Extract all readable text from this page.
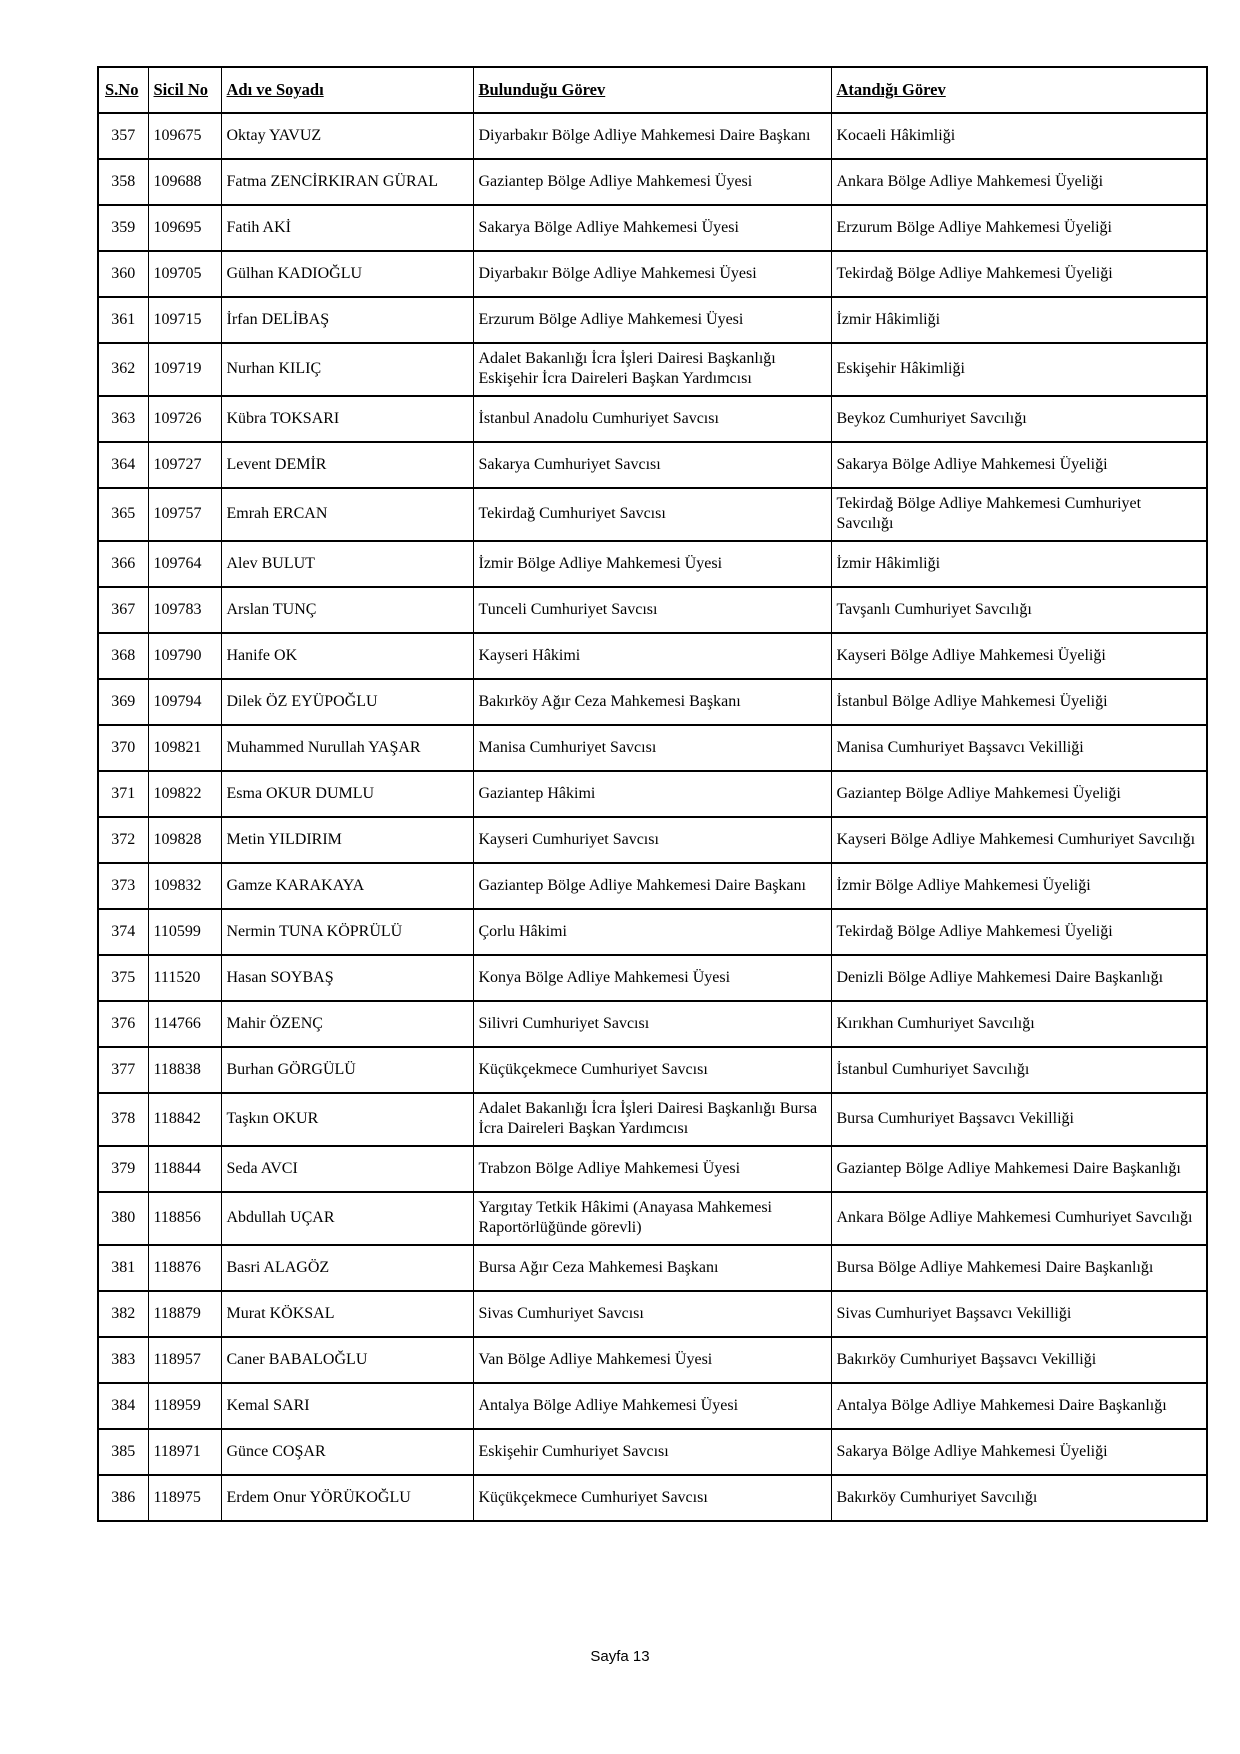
S.No	Sicil No	Adı ve Soyadı	Bulunduğu Görev	Atandığı Görev
357	109675	Oktay YAVUZ	Diyarbakır Bölge Adliye Mahkemesi Daire Başkanı	Kocaeli Hâkimliği
358	109688	Fatma ZENCİRKIRAN GÜRAL	Gaziantep Bölge Adliye Mahkemesi Üyesi	Ankara Bölge Adliye Mahkemesi Üyeliği
359	109695	Fatih AKİ	Sakarya Bölge Adliye Mahkemesi Üyesi	Erzurum Bölge Adliye Mahkemesi Üyeliği
360	109705	Gülhan KADIOĞLU	Diyarbakır Bölge Adliye Mahkemesi Üyesi	Tekirdağ Bölge Adliye Mahkemesi Üyeliği
361	109715	İrfan DELİBAŞ	Erzurum Bölge Adliye Mahkemesi Üyesi	İzmir Hâkimliği
362	109719	Nurhan KILIÇ	Adalet Bakanlığı İcra İşleri Dairesi Başkanlığı Eskişehir İcra Daireleri Başkan Yardımcısı	Eskişehir Hâkimliği
363	109726	Kübra TOKSARI	İstanbul Anadolu Cumhuriyet Savcısı	Beykoz Cumhuriyet Savcılığı
364	109727	Levent DEMİR	Sakarya Cumhuriyet Savcısı	Sakarya Bölge Adliye Mahkemesi Üyeliği
365	109757	Emrah ERCAN	Tekirdağ Cumhuriyet Savcısı	Tekirdağ Bölge Adliye Mahkemesi Cumhuriyet Savcılığı
366	109764	Alev BULUT	İzmir Bölge Adliye Mahkemesi Üyesi	İzmir Hâkimliği
367	109783	Arslan TUNÇ	Tunceli Cumhuriyet Savcısı	Tavşanlı Cumhuriyet Savcılığı
368	109790	Hanife OK	Kayseri Hâkimi	Kayseri Bölge Adliye Mahkemesi Üyeliği
369	109794	Dilek ÖZ EYÜPOĞLU	Bakırköy Ağır Ceza Mahkemesi Başkanı	İstanbul Bölge Adliye Mahkemesi Üyeliği
370	109821	Muhammed Nurullah YAŞAR	Manisa Cumhuriyet Savcısı	Manisa Cumhuriyet Başsavcı Vekilliği
371	109822	Esma OKUR DUMLU	Gaziantep Hâkimi	Gaziantep Bölge Adliye Mahkemesi Üyeliği
372	109828	Metin YILDIRIM	Kayseri Cumhuriyet Savcısı	Kayseri Bölge Adliye Mahkemesi Cumhuriyet Savcılığı
373	109832	Gamze KARAKAYA	Gaziantep Bölge Adliye Mahkemesi Daire Başkanı	İzmir Bölge Adliye Mahkemesi Üyeliği
374	110599	Nermin TUNA KÖPRÜLÜ	Çorlu Hâkimi	Tekirdağ Bölge Adliye Mahkemesi Üyeliği
375	111520	Hasan SOYBAŞ	Konya Bölge Adliye Mahkemesi Üyesi	Denizli Bölge Adliye Mahkemesi Daire Başkanlığı
376	114766	Mahir ÖZENÇ	Silivri Cumhuriyet Savcısı	Kırıkhan Cumhuriyet Savcılığı
377	118838	Burhan GÖRGÜLÜ	Küçükçekmece Cumhuriyet Savcısı	İstanbul Cumhuriyet Savcılığı
378	118842	Taşkın OKUR	Adalet Bakanlığı İcra İşleri Dairesi Başkanlığı Bursa İcra Daireleri Başkan Yardımcısı	Bursa Cumhuriyet Başsavcı Vekilliği
379	118844	Seda AVCI	Trabzon Bölge Adliye Mahkemesi Üyesi	Gaziantep Bölge Adliye Mahkemesi Daire Başkanlığı
380	118856	Abdullah UÇAR	Yargıtay Tetkik Hâkimi (Anayasa Mahkemesi Raportörlüğünde görevli)	Ankara Bölge Adliye Mahkemesi Cumhuriyet Savcılığı
381	118876	Basri ALAGÖZ	Bursa Ağır Ceza Mahkemesi Başkanı	Bursa Bölge Adliye Mahkemesi Daire Başkanlığı
382	118879	Murat KÖKSAL	Sivas Cumhuriyet Savcısı	Sivas Cumhuriyet Başsavcı Vekilliği
383	118957	Caner BABALOĞLU	Van Bölge Adliye Mahkemesi Üyesi	Bakırköy Cumhuriyet Başsavcı Vekilliği
384	118959	Kemal SARI	Antalya Bölge Adliye Mahkemesi Üyesi	Antalya Bölge Adliye Mahkemesi Daire Başkanlığı
385	118971	Günce COŞAR	Eskişehir Cumhuriyet Savcısı	Sakarya Bölge Adliye Mahkemesi Üyeliği
386	118975	Erdem Onur YÖRÜKOĞLU	Küçükçekmece Cumhuriyet Savcısı	Bakırköy Cumhuriyet Savcılığı
Sayfa 13
